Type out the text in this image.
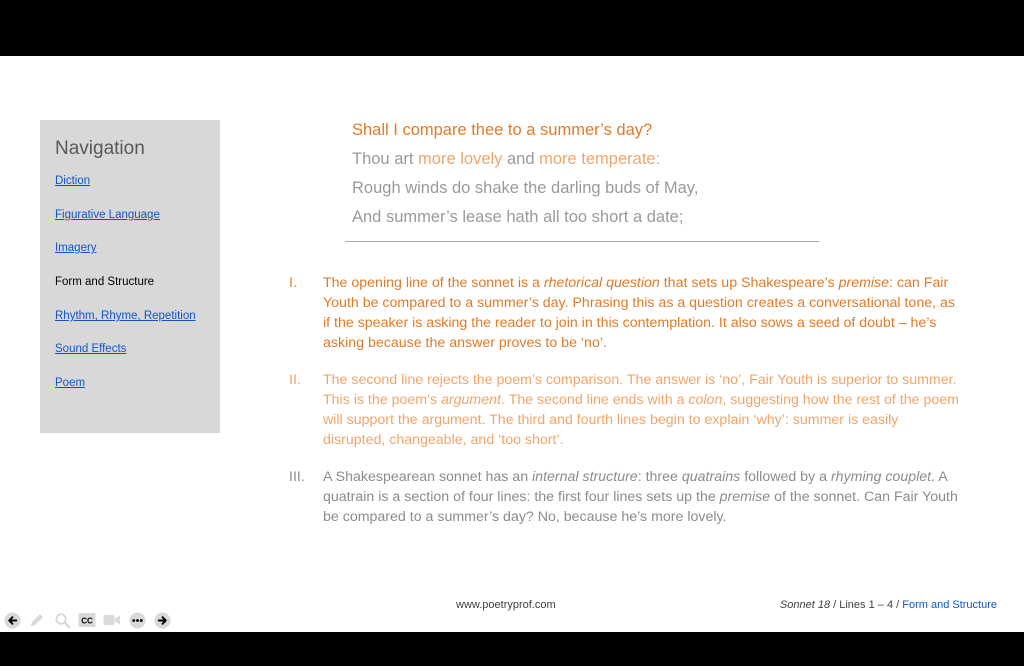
Navigation
Diction
Figurative Language
Imagery
Form and Structure
Rhythm, Rhyme, Repetition
Sound Effects
Poem
Shall I compare thee to a summer’s day?
Thou art more lovely and more temperate:
Rough winds do shake the darling buds of May,
And summer’s lease hath all too short a date;
I. The opening line of the sonnet is a rhetorical question that sets up Shakespeare’s premise: can Fair Youth be compared to a summer’s day. Phrasing this as a question creates a conversational tone, as if the speaker is asking the reader to join in this contemplation. It also sows a seed of doubt – he’s asking because the answer proves to be ‘no’.
II. The second line rejects the poem’s comparison. The answer is ‘no’, Fair Youth is superior to summer. This is the poem’s argument. The second line ends with a colon, suggesting how the rest of the poem will support the argument. The third and fourth lines begin to explain ‘why’: summer is easily disrupted, changeable, and ‘too short’.
III. A Shakespearean sonnet has an internal structure: three quatrains followed by a rhyming couplet. A quatrain is a section of four lines: the first four lines sets up the premise of the sonnet. Can Fair Youth be compared to a summer’s day? No, because he’s more lovely.
www.poetryprof.com	Sonnet 18 / Lines 1 – 4 / Form and Structure
CC
